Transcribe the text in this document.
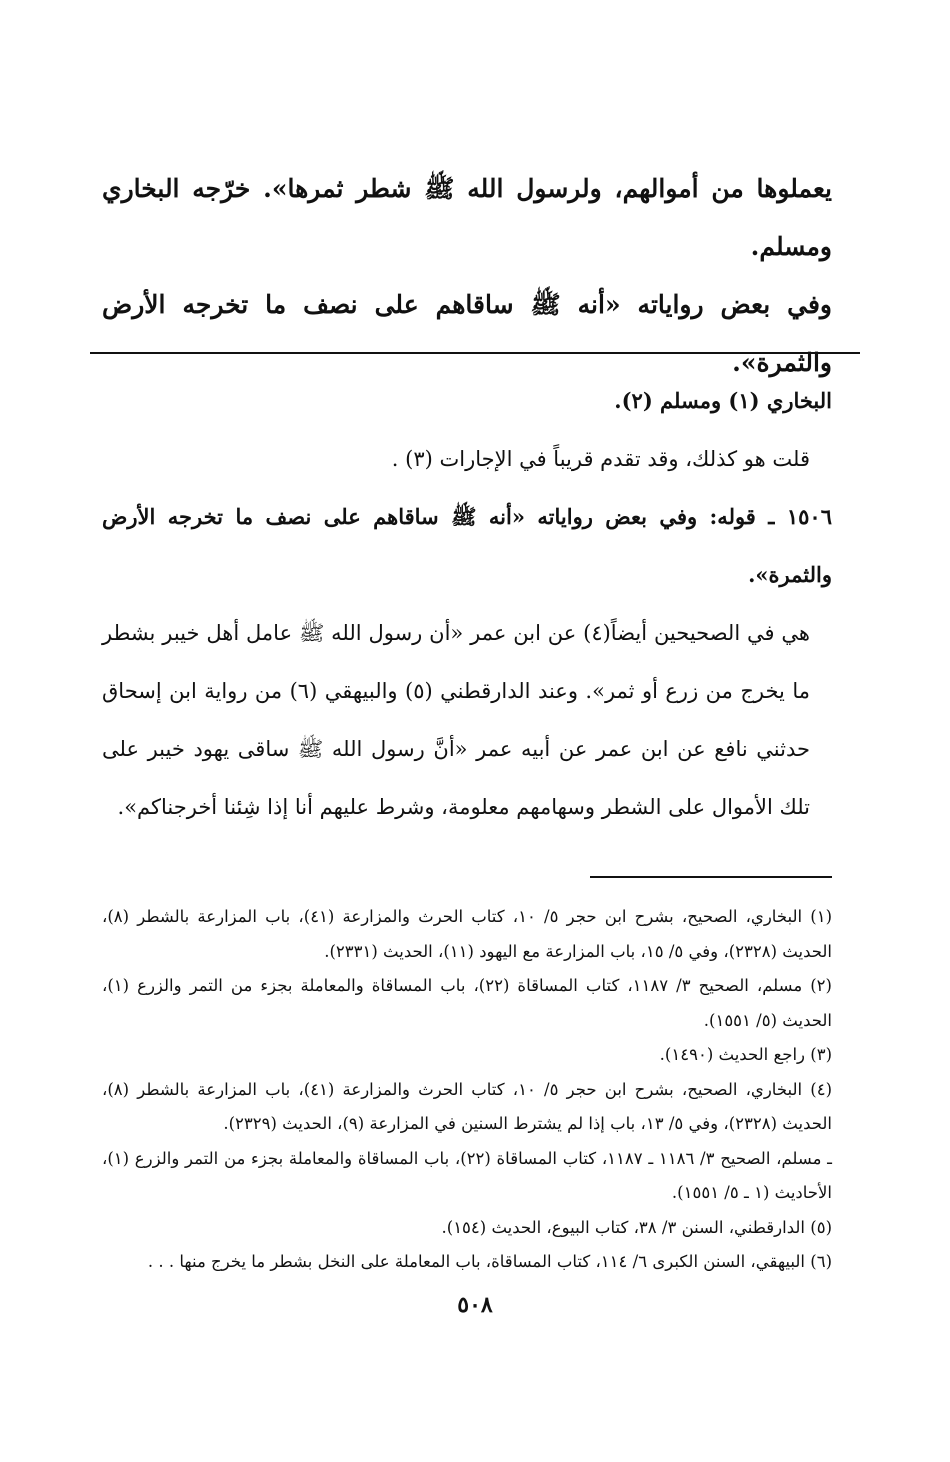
يعملوها من أموالهم، ولرسول الله ﷺ شطر ثمرها». خرّجه البخاري ومسلم.

وفي بعض رواياته «أنه ﷺ ساقاهم على نصف ما تخرجه الأرض والثمرة».

البخاري (١) ومسلم (٢).

قلت هو كذلك، وقد تقدم قريباً في الإجارات (٣) .

١٥٠٦ ـ قوله: وفي بعض رواياته «أنه ﷺ ساقاهم على نصف ما تخرجه الأرض والثمرة».

هي في الصحيحين أيضاً(٤) عن ابن عمر «أن رسول الله ﷺ عامل أهل خيبر بشطر ما يخرج من زرع أو ثمر». وعند الدارقطني (٥) والبيهقي (٦) من رواية ابن إسحاق حدثني نافع عن ابن عمر عن أبيه عمر «أنَّ رسول الله ﷺ ساقى يهود خيبر على تلك الأموال على الشطر وسهامهم معلومة، وشرط عليهم أنا إذا شِئنا أخرجناكم».

(١) البخاري، الصحيح، بشرح ابن حجر ٥/ ١٠، كتاب الحرث والمزارعة (٤١)، باب المزارعة بالشطر (٨)، الحديث (٢٣٢٨)، وفي ٥/ ١٥، باب المزارعة مع اليهود (١١)، الحديث (٢٣٣١).

(٢) مسلم، الصحيح ٣/ ١١٨٧، كتاب المساقاة (٢٢)، باب المساقاة والمعاملة بجزء من التمر والزرع (١)، الحديث (٥/ ١٥٥١).

(٣) راجع الحديث (١٤٩٠).

(٤) البخاري، الصحيح، بشرح ابن حجر ٥/ ١٠، كتاب الحرث والمزارعة (٤١)، باب المزارعة بالشطر (٨)، الحديث (٢٣٢٨)، وفي ٥/ ١٣، باب إذا لم يشترط السنين في المزارعة (٩)، الحديث (٢٣٢٩).

ـ مسلم، الصحيح ٣/ ١١٨٦ ـ ١١٨٧، كتاب المساقاة (٢٢)، باب المساقاة والمعاملة بجزء من التمر والزرع (١)، الأحاديث (١ ـ ٥/ ١٥٥١).

(٥) الدارقطني، السنن ٣/ ٣٨، كتاب البيوع، الحديث (١٥٤).

(٦) البيهقي، السنن الكبرى ٦/ ١١٤، كتاب المساقاة، باب المعاملة على النخل بشطر ما يخرج منها . . .

٥٠٨
